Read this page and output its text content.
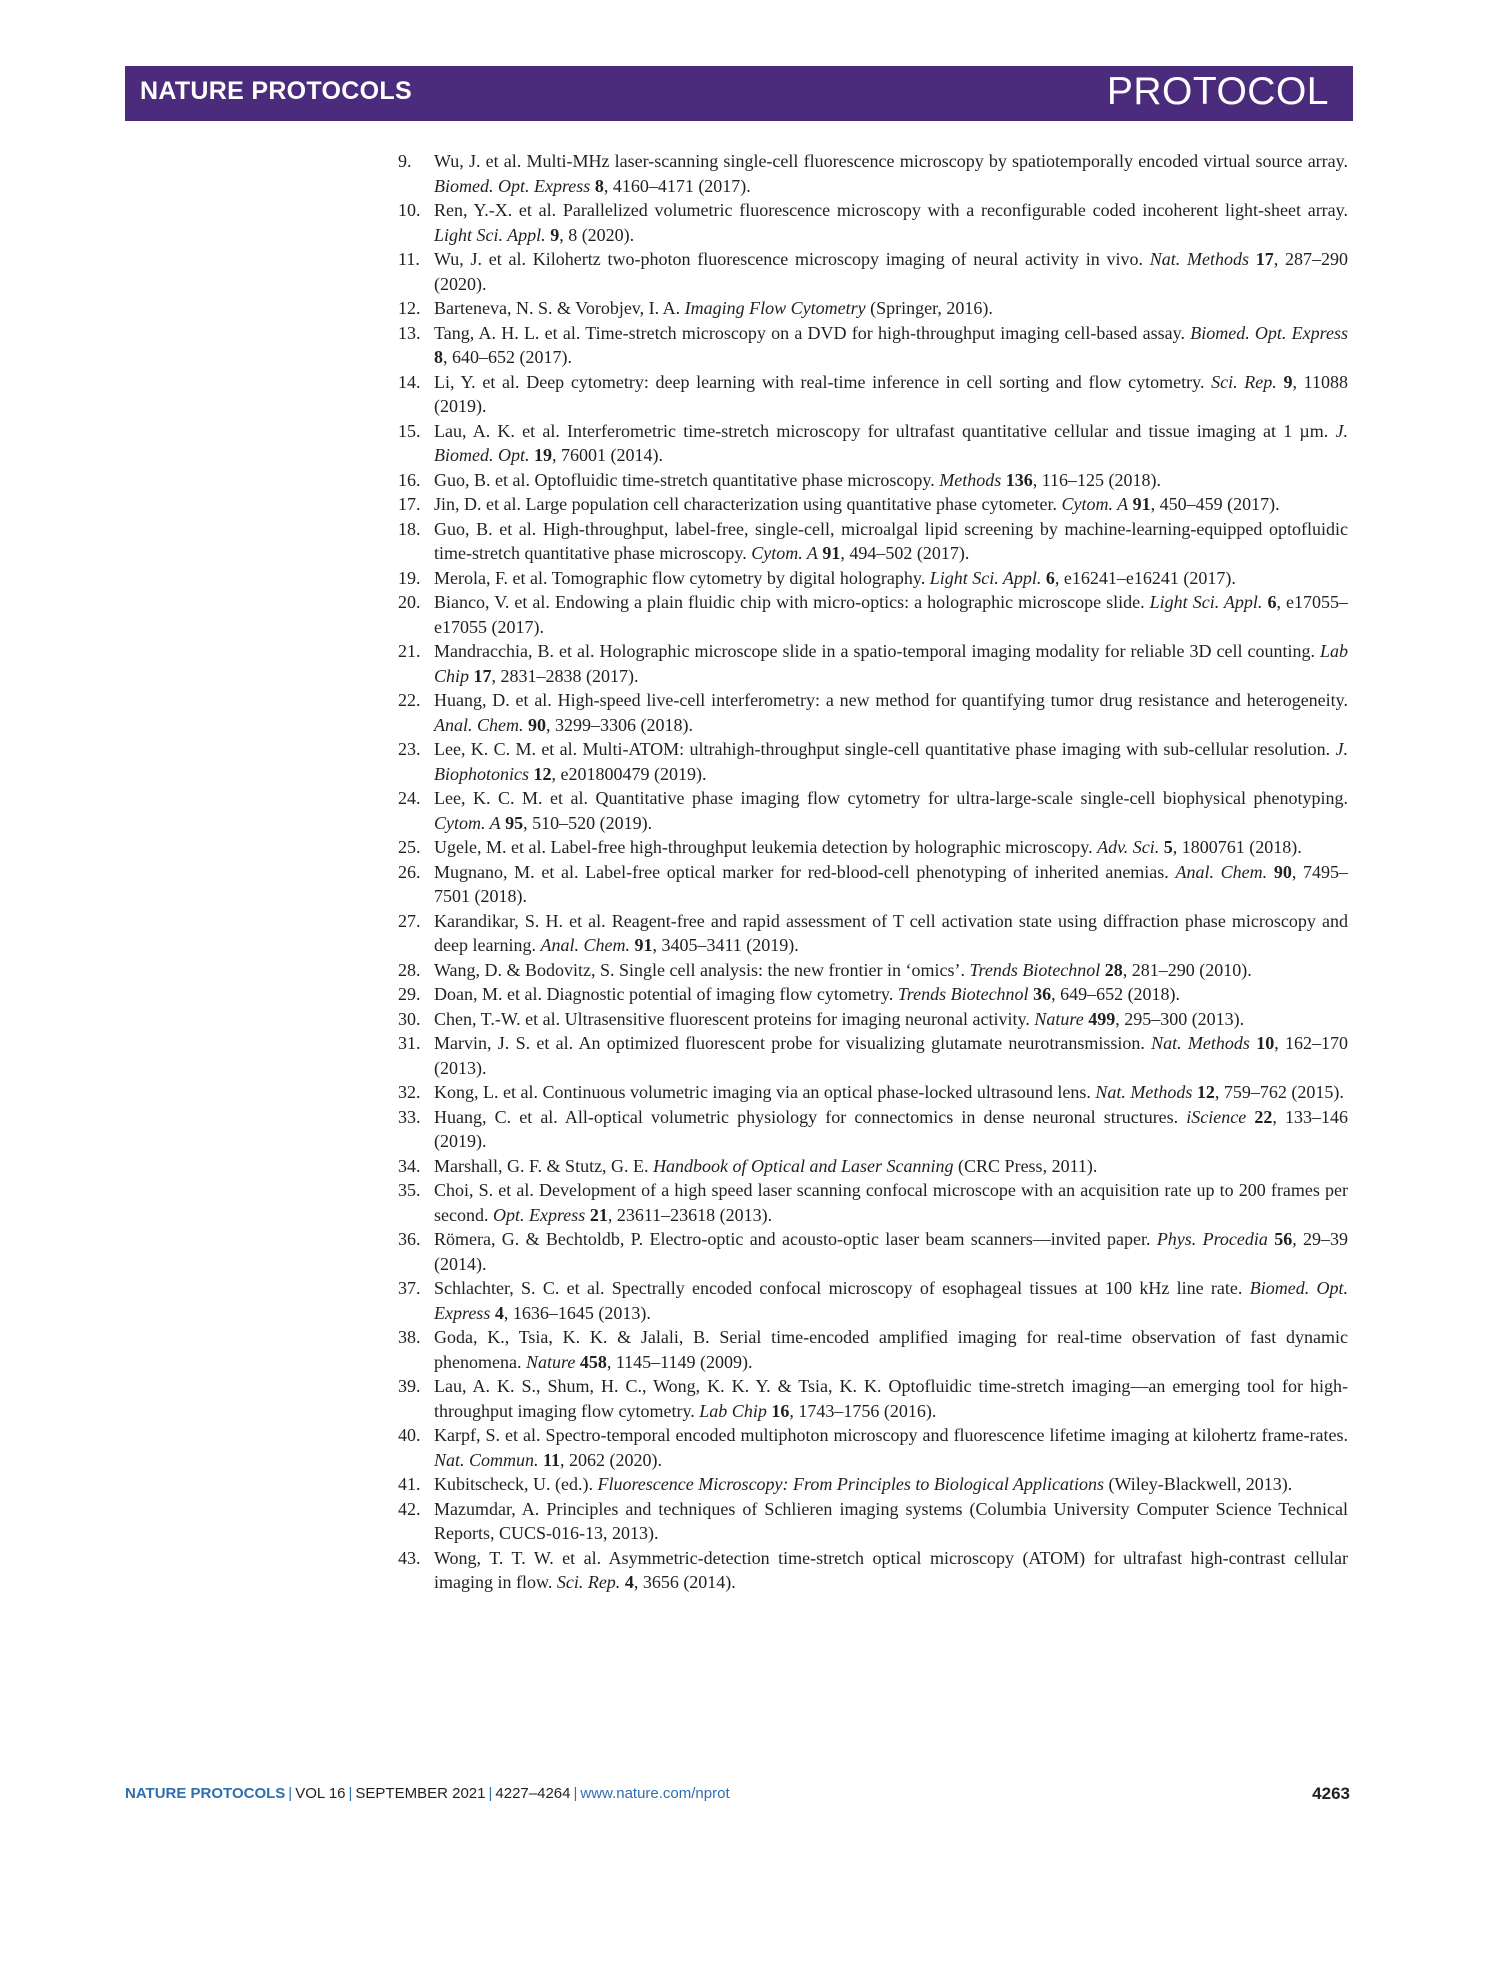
NATURE PROTOCOLS	PROTOCOL
9.	Wu, J. et al. Multi-MHz laser-scanning single-cell fluorescence microscopy by spatiotemporally encoded virtual source array. Biomed. Opt. Express 8, 4160–4171 (2017).
10. Ren, Y.-X. et al. Parallelized volumetric fluorescence microscopy with a reconfigurable coded incoherent light-sheet array. Light Sci. Appl. 9, 8 (2020).
11. Wu, J. et al. Kilohertz two-photon fluorescence microscopy imaging of neural activity in vivo. Nat. Methods 17, 287–290 (2020).
12. Barteneva, N. S. & Vorobjev, I. A. Imaging Flow Cytometry (Springer, 2016).
13. Tang, A. H. L. et al. Time-stretch microscopy on a DVD for high-throughput imaging cell-based assay. Biomed. Opt. Express 8, 640–652 (2017).
14. Li, Y. et al. Deep cytometry: deep learning with real-time inference in cell sorting and flow cytometry. Sci. Rep. 9, 11088 (2019).
15. Lau, A. K. et al. Interferometric time-stretch microscopy for ultrafast quantitative cellular and tissue imaging at 1 µm. J. Biomed. Opt. 19, 76001 (2014).
16. Guo, B. et al. Optofluidic time-stretch quantitative phase microscopy. Methods 136, 116–125 (2018).
17. Jin, D. et al. Large population cell characterization using quantitative phase cytometer. Cytom. A 91, 450–459 (2017).
18. Guo, B. et al. High-throughput, label-free, single-cell, microalgal lipid screening by machine-learning-equipped optofluidic time-stretch quantitative phase microscopy. Cytom. A 91, 494–502 (2017).
19. Merola, F. et al. Tomographic flow cytometry by digital holography. Light Sci. Appl. 6, e16241–e16241 (2017).
20. Bianco, V. et al. Endowing a plain fluidic chip with micro-optics: a holographic microscope slide. Light Sci. Appl. 6, e17055–e17055 (2017).
21. Mandracchia, B. et al. Holographic microscope slide in a spatio-temporal imaging modality for reliable 3D cell counting. Lab Chip 17, 2831–2838 (2017).
22. Huang, D. et al. High-speed live-cell interferometry: a new method for quantifying tumor drug resistance and heterogeneity. Anal. Chem. 90, 3299–3306 (2018).
23. Lee, K. C. M. et al. Multi-ATOM: ultrahigh-throughput single-cell quantitative phase imaging with sub-cellular resolution. J. Biophotonics 12, e201800479 (2019).
24. Lee, K. C. M. et al. Quantitative phase imaging flow cytometry for ultra-large-scale single-cell biophysical phenotyping. Cytom. A 95, 510–520 (2019).
25. Ugele, M. et al. Label-free high-throughput leukemia detection by holographic microscopy. Adv. Sci. 5, 1800761 (2018).
26. Mugnano, M. et al. Label-free optical marker for red-blood-cell phenotyping of inherited anemias. Anal. Chem. 90, 7495–7501 (2018).
27. Karandikar, S. H. et al. Reagent-free and rapid assessment of T cell activation state using diffraction phase microscopy and deep learning. Anal. Chem. 91, 3405–3411 (2019).
28. Wang, D. & Bodovitz, S. Single cell analysis: the new frontier in ‘omics’. Trends Biotechnol 28, 281–290 (2010).
29. Doan, M. et al. Diagnostic potential of imaging flow cytometry. Trends Biotechnol 36, 649–652 (2018).
30. Chen, T.-W. et al. Ultrasensitive fluorescent proteins for imaging neuronal activity. Nature 499, 295–300 (2013).
31. Marvin, J. S. et al. An optimized fluorescent probe for visualizing glutamate neurotransmission. Nat. Methods 10, 162–170 (2013).
32. Kong, L. et al. Continuous volumetric imaging via an optical phase-locked ultrasound lens. Nat. Methods 12, 759–762 (2015).
33. Huang, C. et al. All-optical volumetric physiology for connectomics in dense neuronal structures. iScience 22, 133–146 (2019).
34. Marshall, G. F. & Stutz, G. E. Handbook of Optical and Laser Scanning (CRC Press, 2011).
35. Choi, S. et al. Development of a high speed laser scanning confocal microscope with an acquisition rate up to 200 frames per second. Opt. Express 21, 23611–23618 (2013).
36. Römera, G. & Bechtoldb, P. Electro-optic and acousto-optic laser beam scanners—invited paper. Phys. Procedia 56, 29–39 (2014).
37. Schlachter, S. C. et al. Spectrally encoded confocal microscopy of esophageal tissues at 100 kHz line rate. Biomed. Opt. Express 4, 1636–1645 (2013).
38. Goda, K., Tsia, K. K. & Jalali, B. Serial time-encoded amplified imaging for real-time observation of fast dynamic phenomena. Nature 458, 1145–1149 (2009).
39. Lau, A. K. S., Shum, H. C., Wong, K. K. Y. & Tsia, K. K. Optofluidic time-stretch imaging—an emerging tool for high-throughput imaging flow cytometry. Lab Chip 16, 1743–1756 (2016).
40. Karpf, S. et al. Spectro-temporal encoded multiphoton microscopy and fluorescence lifetime imaging at kilohertz frame-rates. Nat. Commun. 11, 2062 (2020).
41. Kubitscheck, U. (ed.). Fluorescence Microscopy: From Principles to Biological Applications (Wiley-Blackwell, 2013).
42. Mazumdar, A. Principles and techniques of Schlieren imaging systems (Columbia University Computer Science Technical Reports, CUCS-016-13, 2013).
43. Wong, T. T. W. et al. Asymmetric-detection time-stretch optical microscopy (ATOM) for ultrafast high-contrast cellular imaging in flow. Sci. Rep. 4, 3656 (2014).
NATURE PROTOCOLS | VOL 16 | SEPTEMBER 2021 | 4227–4264 | www.nature.com/nprot	4263
